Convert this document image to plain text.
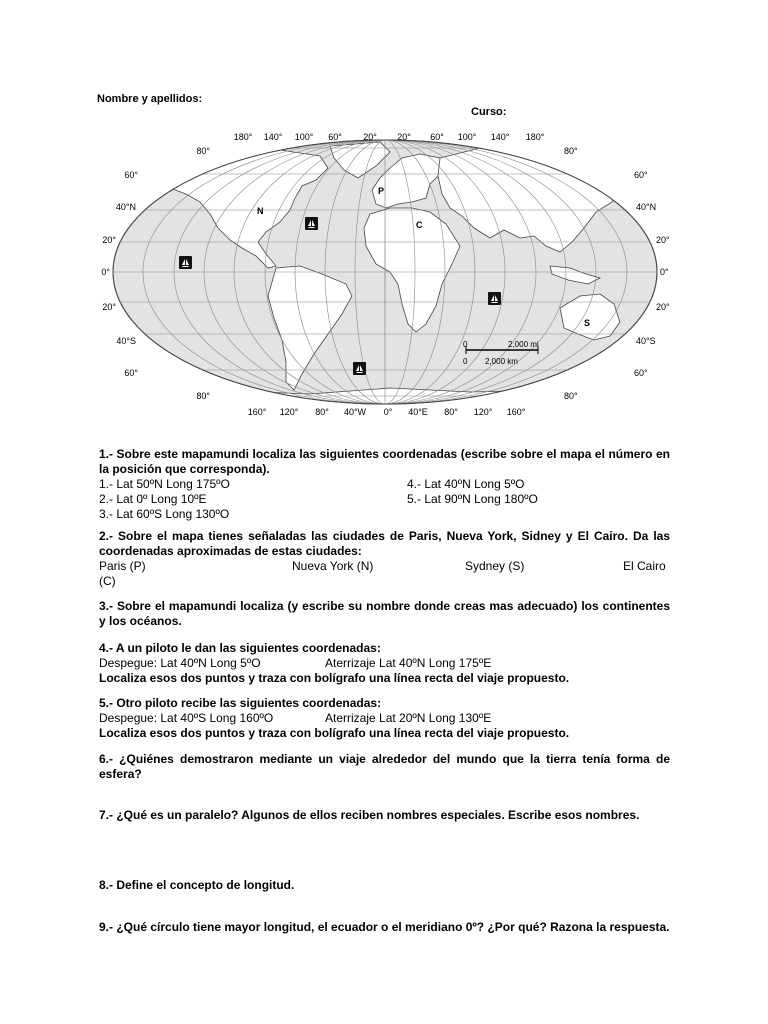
Nombre y apellidos:
Curso:
180° 140° 100° 60° 20° 20° 60° 100° 140° 180°
160° 120° 80° 40°W 0° 40°E 80° 120° 160°
80°
60°
40°N
20°
0°
20°
40°S
60°
80°
80°
60°
40°N
20°
0°
20°
40°S
60°
80°
P
N
C
S
0	2,000 mi
0 2,000 km
1.- Sobre este mapamundi localiza las siguientes coordenadas (escribe sobre el mapa el número en la posición que corresponda).
1.- Lat 50ºN Long 175ºO	4.- Lat 40ºN Long 5ºO
2.- Lat 0º Long 10ºE	5.- Lat 90ºN Long 180ºO
3.- Lat 60ºS Long 130ºO
2.- Sobre el mapa tienes señaladas las ciudades de Paris, Nueva York, Sidney y El Cairo. Da las coordenadas aproximadas de estas ciudades:
Paris (P)	Nueva York (N)	Sydney (S)	El Cairo
(C)
3.- Sobre el mapamundi localiza (y escribe su nombre donde creas mas adecuado) los continentes y los océanos.
4.- A un piloto le dan las siguientes coordenadas:
Despegue: Lat 40ºN Long 5ºO	Aterrizaje Lat 40ºN Long 175ºE
Localiza esos dos puntos y traza con bolígrafo una línea recta del viaje propuesto.
5.- Otro piloto recibe las siguientes coordenadas:
Despegue: Lat 40ºS Long 160ºO	Aterrizaje Lat 20ºN Long 130ºE
Localiza esos dos puntos y traza con bolígrafo una línea recta del viaje propuesto.
6.- ¿Quiénes demostraron mediante un viaje alrededor del mundo que la tierra tenía forma de esfera?
7.- ¿Qué es un paralelo? Algunos de ellos reciben nombres especiales. Escribe esos nombres.
8.- Define el concepto de longitud.
9.- ¿Qué círculo tiene mayor longitud, el ecuador o el meridiano 0º? ¿Por qué? Razona la respuesta.
